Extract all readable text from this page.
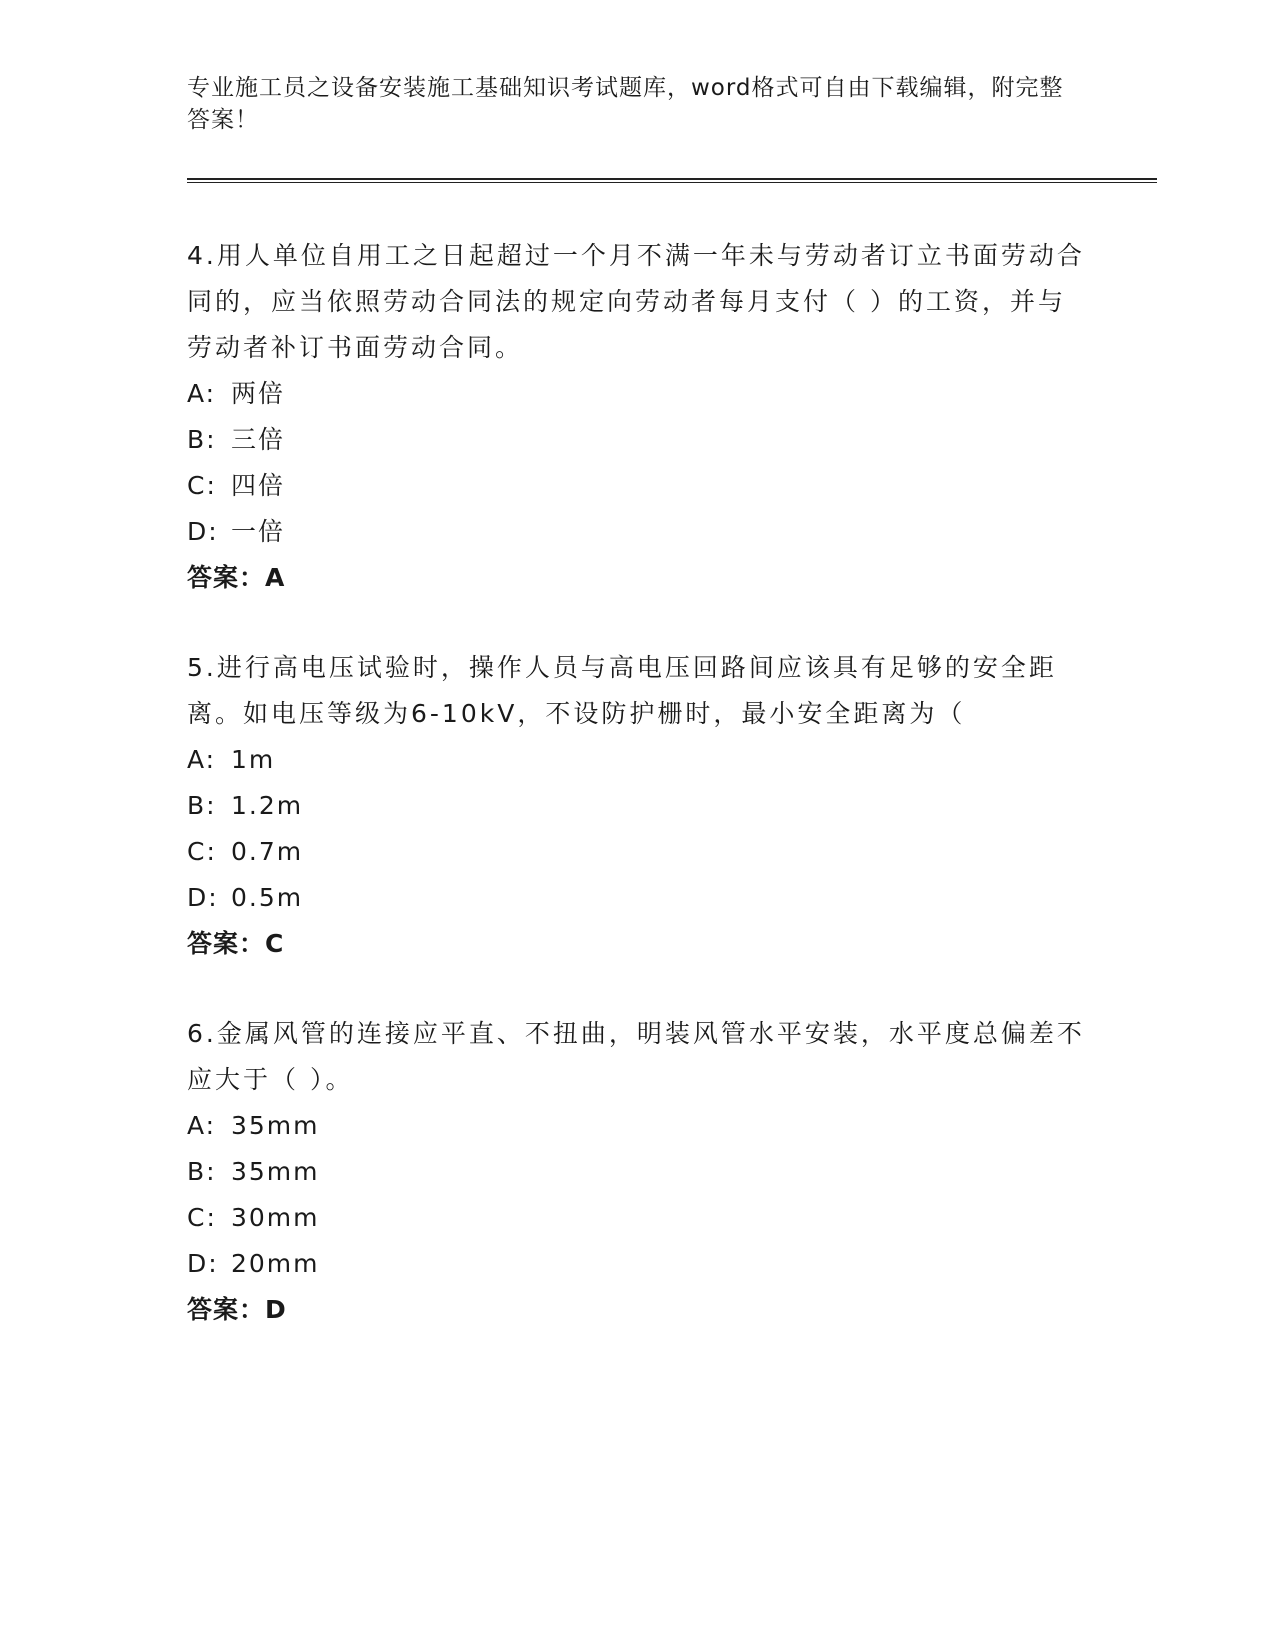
专业施工员之设备安装施工基础知识考试题库，word格式可自由下载编辑，附完整答案！

4.用人单位自用工之日起超过一个月不满一年未与劳动者订立书面劳动合同的，应当依照劳动合同法的规定向劳动者每月支付（ ）的工资，并与劳动者补订书面劳动合同。

A: 两倍

B: 三倍

C: 四倍

D: 一倍

答案：A

5.进行高电压试验时，操作人员与高电压回路间应该具有足够的安全距离。如电压等级为6-10kV，不设防护栅时，最小安全距离为（

A: 1m

B: 1.2m

C: 0.7m

D: 0.5m

答案：C

6.金属风管的连接应平直、不扭曲，明装风管水平安装，水平度总偏差不应大于（ ）。

A: 35mm

B: 35mm

C: 30mm

D: 20mm

答案：D
